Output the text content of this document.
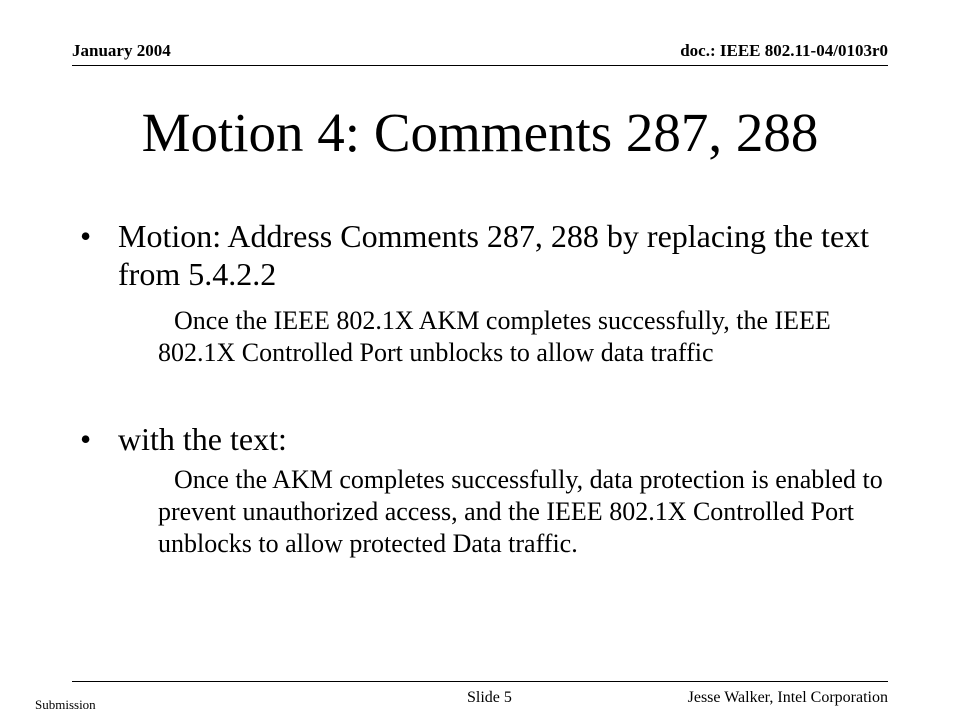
January 2004	doc.: IEEE 802.11-04/0103r0
Motion 4: Comments 287, 288
• Motion: Address Comments 287, 288 by replacing the text from 5.4.2.2
Once the IEEE 802.1X AKM completes successfully, the IEEE 802.1X Controlled Port unblocks to allow data traffic
• with the text:
Once the AKM completes successfully, data protection is enabled to prevent unauthorized access, and the IEEE 802.1X Controlled Port unblocks to allow protected Data traffic.
Submission	Slide 5	Jesse Walker, Intel Corporation
